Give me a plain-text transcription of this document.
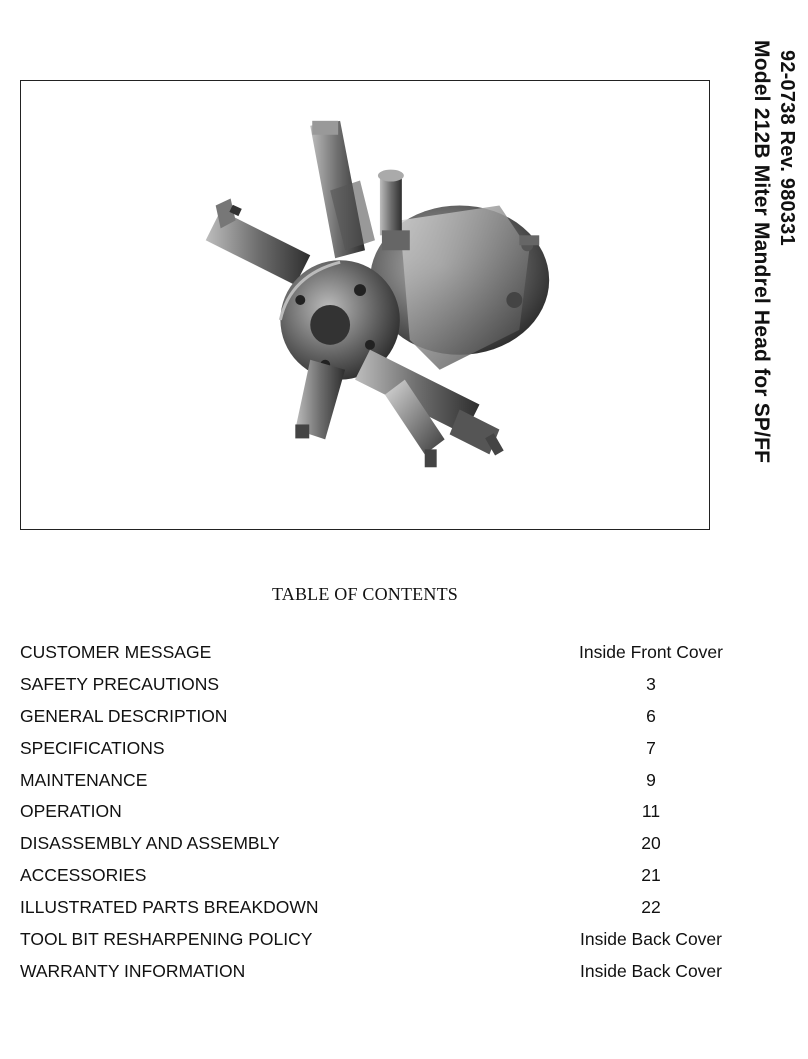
92-0738 Rev. 980331
Model 212B Miter Mandrel Head for SP/FF
TABLE OF CONTENTS
CUSTOMER MESSAGE	Inside Front Cover
SAFETY PRECAUTIONS	3
GENERAL DESCRIPTION	6
SPECIFICATIONS	7
MAINTENANCE	9
OPERATION	11
DISASSEMBLY AND ASSEMBLY	20
ACCESSORIES	21
ILLUSTRATED PARTS BREAKDOWN	22
TOOL BIT RESHARPENING POLICY	Inside Back Cover
WARRANTY INFORMATION	Inside Back Cover
